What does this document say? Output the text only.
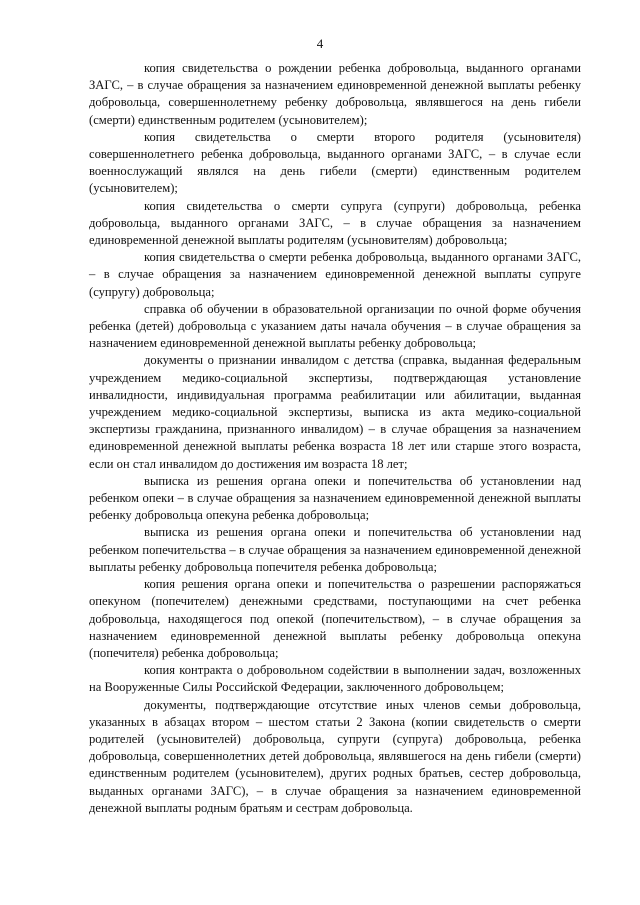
4

копия свидетельства о рождении ребенка добровольца, выданного органами ЗАГС, – в случае обращения за назначением единовременной денежной выплаты ребенку добровольца, совершеннолетнему ребенку добровольца, являвшегося на день гибели (смерти) единственным родителем (усыновителем);

копия свидетельства о смерти второго родителя (усыновителя) совершеннолетнего ребенка добровольца, выданного органами ЗАГС, – в случае если военнослужащий являлся на день гибели (смерти) единственным родителем (усыновителем);

копия свидетельства о смерти супруга (супруги) добровольца, ребенка добровольца, выданного органами ЗАГС, – в случае обращения за назначением единовременной денежной выплаты родителям (усыновителям) добровольца;

копия свидетельства о смерти ребенка добровольца, выданного органами ЗАГС, – в случае обращения за назначением единовременной денежной выплаты супруге (супругу) добровольца;

справка об обучении в образовательной организации по очной форме обучения ребенка (детей) добровольца с указанием даты начала обучения – в случае обращения за назначением единовременной денежной выплаты ребенку добровольца;

документы о признании инвалидом с детства (справка, выданная федеральным учреждением медико-социальной экспертизы, подтверждающая установление инвалидности, индивидуальная программа реабилитации или абилитации, выданная учреждением медико-социальной экспертизы, выписка из акта медико-социальной экспертизы гражданина, признанного инвалидом) – в случае обращения за назначением единовременной денежной выплаты ребенка возраста 18 лет или старше этого возраста, если он стал инвалидом до достижения им возраста 18 лет;

выписка из решения органа опеки и попечительства об установлении над ребенком опеки – в случае обращения за назначением единовременной денежной выплаты ребенку добровольца опекуна ребенка добровольца;

выписка из решения органа опеки и попечительства об установлении над ребенком попечительства – в случае обращения за назначением единовременной денежной выплаты ребенку добровольца попечителя ребенка добровольца;

копия решения органа опеки и попечительства о разрешении распоряжаться опекуном (попечителем) денежными средствами, поступающими на счет ребенка добровольца, находящегося под опекой (попечительством), – в случае обращения за назначением единовременной денежной выплаты ребенку добровольца опекуна (попечителя) ребенка добровольца;

копия контракта о добровольном содействии в выполнении задач, возложенных на Вооруженные Силы Российской Федерации, заключенного добровольцем;

документы, подтверждающие отсутствие иных членов семьи добровольца, указанных в абзацах втором – шестом статьи 2 Закона (копии свидетельств о смерти родителей (усыновителей) добровольца, супруги (супруга) добровольца, ребенка добровольца, совершеннолетних детей добровольца, являвшегося на день гибели (смерти) единственным родителем (усыновителем), других родных братьев, сестер добровольца, выданных органами ЗАГС), – в случае обращения за назначением единовременной денежной выплаты родным братьям и сестрам добровольца.
